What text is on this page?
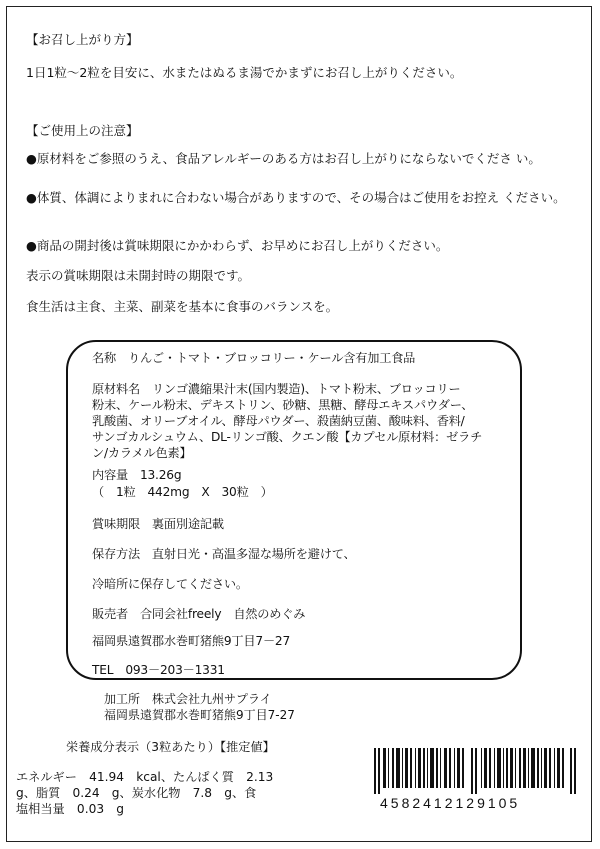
【お召し上がり方】
1日1粒～2粒を目安に、水またはぬるま湯でかまずにお召し上がりください。
【ご使用上の注意】
●原材料をご参照のうえ、食品アレルギーのある方はお召し上がりにならないでくださ い。
●体質、体調によりまれに合わない場合がありますので、その場合はご使用をお控え ください。
●商品の開封後は賞味期限にかかわらず、お早めにお召し上がりください。
表示の賞味期限は未開封時の期限です。
食生活は主食、主菜、副菜を基本に食事のバランスを。
名称　りんご・トマト・ブロッコリー・ケール含有加工食品
原材料名　リンゴ濃縮果汁末(国内製造)、トマト粉末、ブロッコリー
粉末、ケール粉末、デキストリン、砂糖、黒糖、酵母エキスパウダー、
乳酸菌、オリーブオイル、酵母パウダー、殺菌納豆菌、酸味料、香料/
サンゴカルシュウム、DL-リンゴ酸、クエン酸【カプセル原材料：ゼラチ
ン/カラメル色素】
内容量　13.26g
（　1粒　442mg　X　30粒　）
賞味期限　裏面別途記載
保存方法　直射日光・高温多湿な場所を避けて、
冷暗所に保存してください。
販売者　合同会社freely　自然のめぐみ
福岡県遠賀郡水巻町猪熊9丁目7－27
TEL　093－203－1331
加工所　株式会社九州サプライ
福岡県遠賀郡水巻町猪熊9丁目7-27
栄養成分表示（3粒あたり）【推定値】
エネルギー　41.94　kcal、たんぱく質　2.13
g、脂質　0.24　g、炭水化物　7.8　g、食
塩相当量　0.03　g	4582412129105
